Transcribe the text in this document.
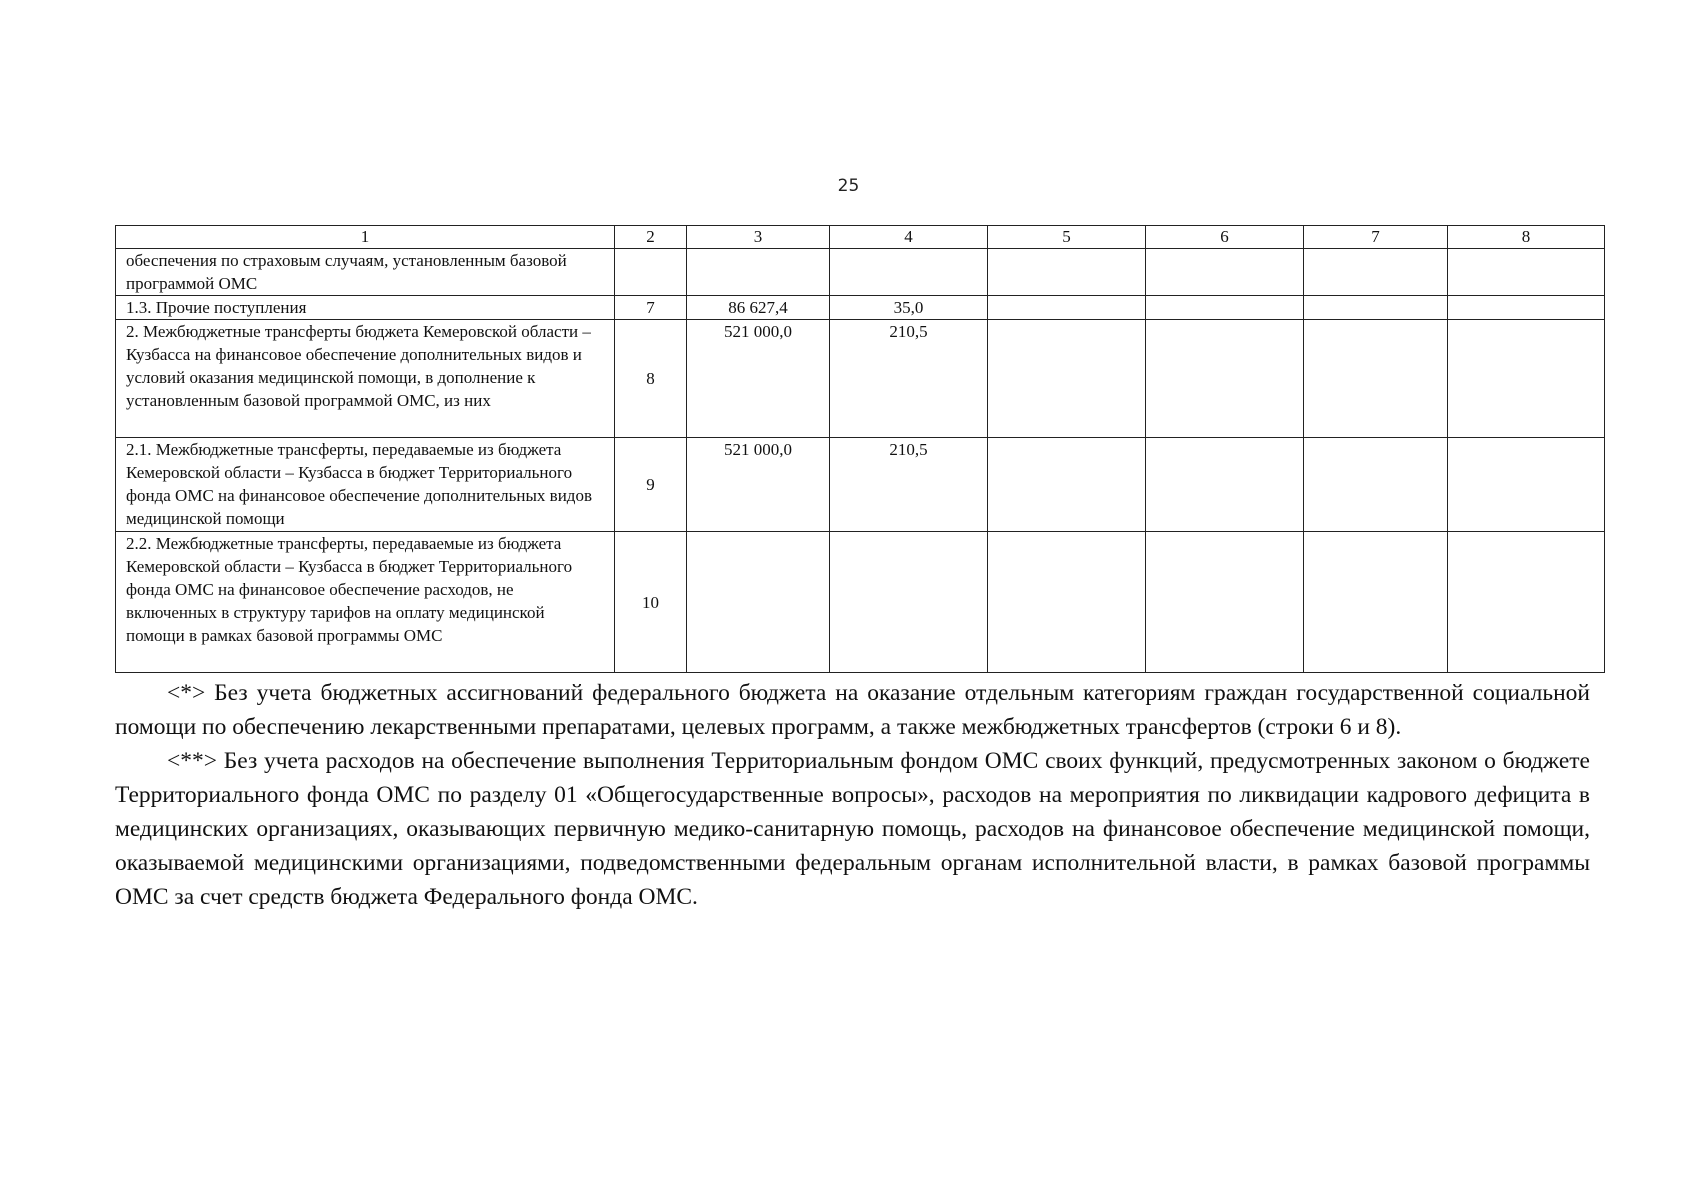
25
1	2	3	4	5	6	7	8
обеспечения по страховым случаям, установленным базовой программой ОМС							
1.3. Прочие поступления	7	86 627,4	35,0				
2. Межбюджетные трансферты бюджета Кемеровской области – Кузбасса на финансовое обеспечение дополнительных видов и условий оказания медицинской помощи, в дополнение к установленным базовой программой ОМС, из них	8	521 000,0	210,5				
2.1. Межбюджетные трансферты, передаваемые из бюджета Кемеровской области – Кузбасса в бюджет Территориального фонда ОМС на финансовое обеспечение дополнительных видов медицинской помощи	9	521 000,0	210,5				
2.2. Межбюджетные трансферты, передаваемые из бюджета Кемеровской области – Кузбасса в бюджет Территориального фонда ОМС на финансовое обеспечение расходов, не включенных в структуру тарифов на оплату медицинской помощи в рамках базовой программы ОМС	10						

<*> Без учета бюджетных ассигнований федерального бюджета на оказание отдельным категориям граждан государственной социальной помощи по обеспечению лекарственными препаратами, целевых программ, а также межбюджетных трансфертов (строки 6 и 8).

<**> Без учета расходов на обеспечение выполнения Территориальным фондом ОМС своих функций, предусмотренных законом о бюджете Территориального фонда ОМС по разделу 01 «Общегосударственные вопросы», расходов на мероприятия по ликвидации кадрового дефицита в медицинских организациях, оказывающих первичную медико-санитарную помощь, расходов на финансовое обеспечение медицинской помощи, оказываемой медицинскими организациями, подведомственными федеральным органам исполнительной власти, в рамках базовой программы ОМС за счет средств бюджета Федерального фонда ОМС.
